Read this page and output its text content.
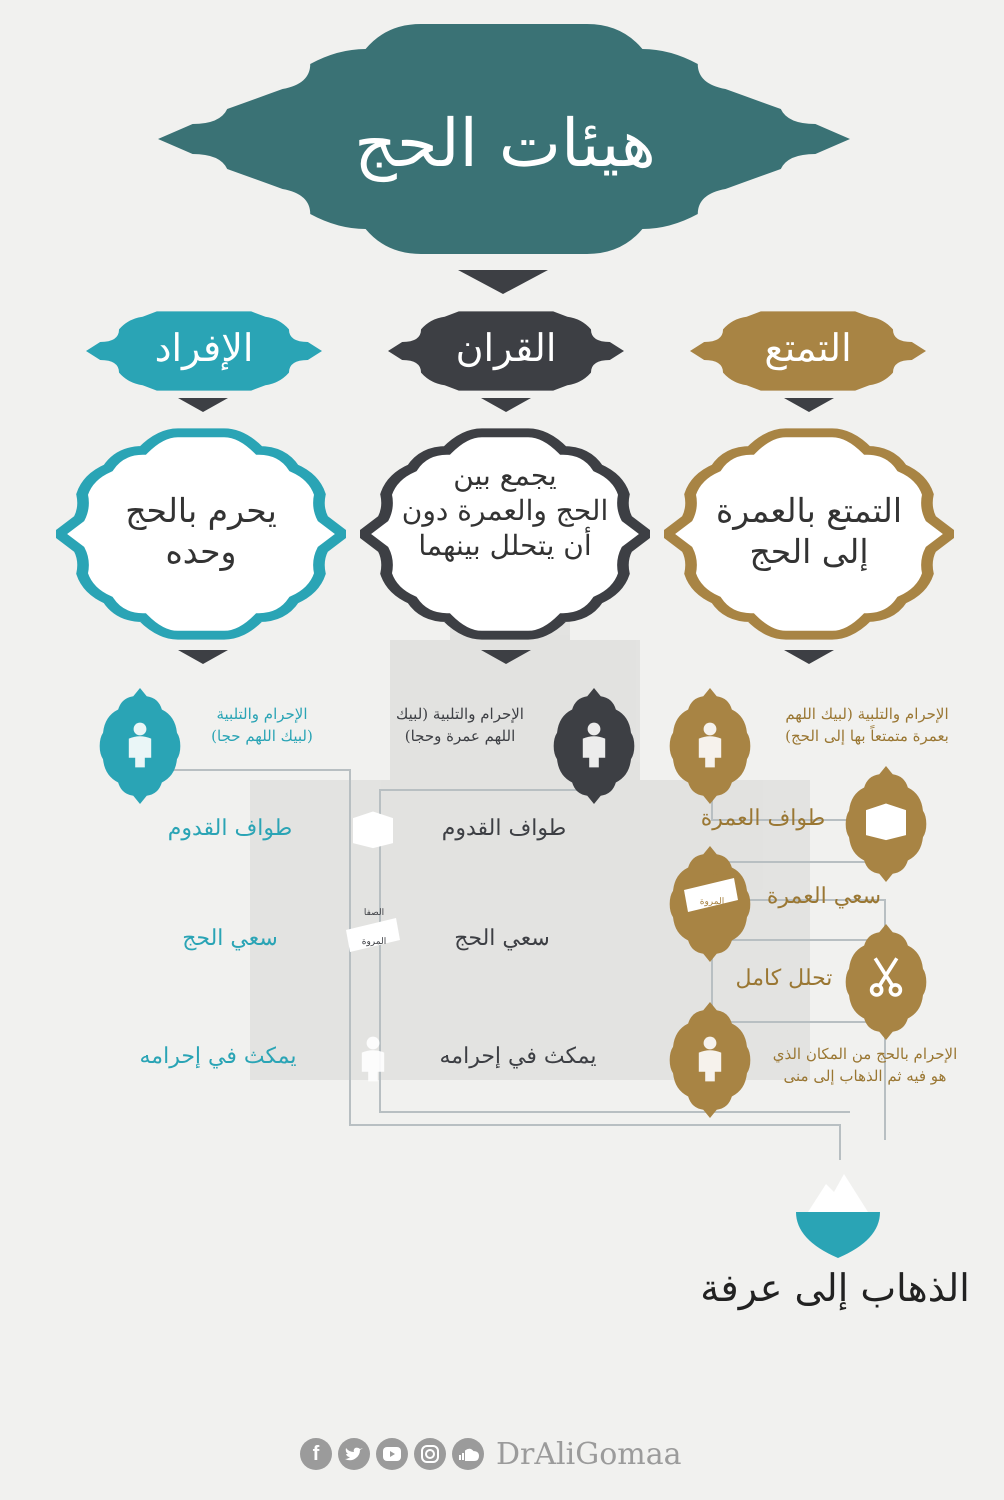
هيئات الحج
الإفراد	القران	التمتع
يحرم بالحج
وحده
يجمع بين
الحج والعمرة دون
أن يتحلل بينهما
التمتع بالعمرة
إلى الحج
الإحرام والتلبية
(لبيك اللهم حجا)
طواف القدوم
سعي الحج
يمكث في إحرامه
الإحرام والتلبية (لبيك
اللهم عمرة وحجا)
طواف القدوم
سعي الحج
يمكث في إحرامه
الإحرام والتلبية (لبيك اللهم
بعمرة متمتعاً بها إلى الحج)
طواف العمرة
سعي العمرة
تحلل كامل
الإحرام بالحج من المكان الذي
هو فيه ثم الذهاب إلى منى
الصفا
المروة
الصفا
المروة
الذهاب إلى عرفة
f	DrAliGomaa
